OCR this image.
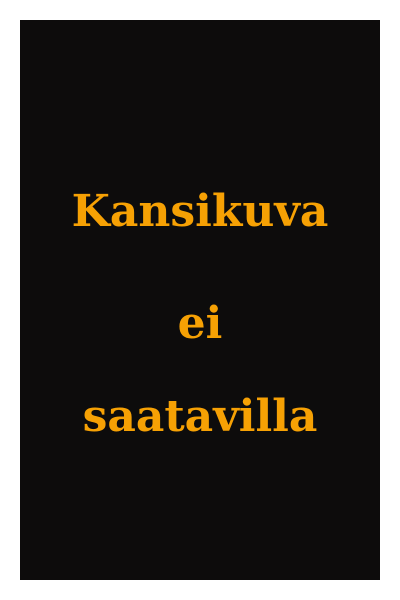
Kansikuva
ei
saatavilla
